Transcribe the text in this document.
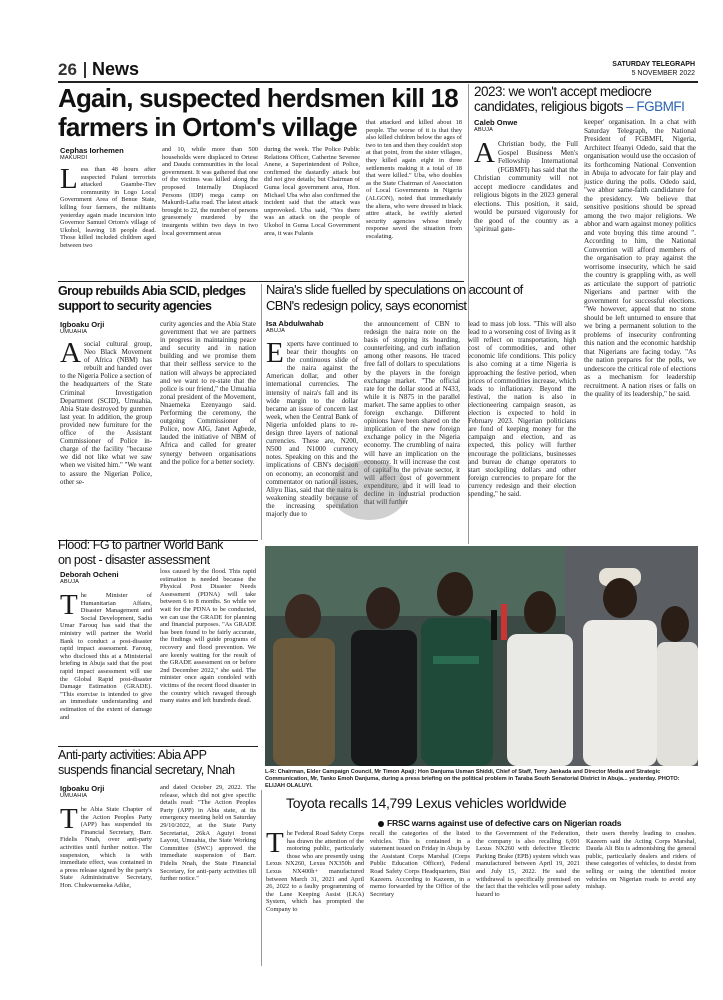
26 News	SATURDAY TELEGRAPH
5 NOVEMBER 2022
Again, suspected herdsmen kill 18
farmers in Ortom's village
Cephas Iorhemen
MAKURDI

Less than 48 hours after suspected Fulani terrorists attacked Guambe-Tiev community in Logo Local Government Area of Benue State, killing four farmers, the militants yesterday again made incursion into Governor Samuel Ortom's village of Ukohol, leaving 18 people dead. Those killed included children aged between two

and 10, while more than 500 households were displaced to Ortese and Daudu communities in the local government. It was gathered that one of the victims was killed along the proposed Internally Displaced Persons (IDP) mega camp on Makurdi-Lafia road. The latest attack brought to 22, the number of persons gruesomely murdered by the insurgents within two days in two local government areas

during the week. The Police Public Relations Officer, Catherine Sevenee Anene, a Superintendent of Police, confirmed the dastardly attack but did not give details; but Chairman of Guma local government area, Hon. Michael Uba who also confirmed the incident said that the attack was unprovoked. Uba said, "Yes there was an attack on the people of Ukohol in Guma Local Government area, it was Fulanis

that attacked and killed about 18 people. The worse of it is that they also killed children below the ages of two to ten and then they couldn't stop at that point, from the sister villages, they killed again eight in three settlements making it a total of 18 that were killed." Uba, who doubles as the State Chairman of Association of Local Governments in Nigeria (ALGON), noted that immediately the aliens, who were dressed in black attire attack, he swiftly alerted security agencies whose timely response saved the situation from escalating.

2023: we won't accept mediocre
candidates, religious bigots – FGBMFI
Caleb Onwe
ABUJA

A Christian body, the Full Gospel Business Men's Fellowship International (FGBMFI) has said that the Christian community will not accept mediocre candidates and religious bigots in the 2023 general elections. This position, it said, would be pursued vigorously for the good of the country as a 'spiritual gate-

keeper' organisation. In a chat with Saturday Telegraph, the National President of FGBMFI, Nigeria, Architect Ifeanyi Odedo, said that the organisation would use the occasion of its forthcoming National Convention in Abuja to advocate for fair play and justice during the polls. Odedo said, "we abhor same-faith candidature for the presidency. We believe that sensitive positions should be spread among the two major religions. We abhor and warn against money politics and vote buying this time around ". According to him, the National Convention will afford members of the organisation to pray against the worrisome insecurity, which he said the country is grappling with, as well as articulate the support of patriotic Nigerians and partner with the government for successful elections. "We however, appeal that no stone should be left unturned to ensure that we bring a permanent solution to the problems of insecurity confronting this nation and the economic hardship that Nigerians are facing today. "As the nation prepares for the polls, we underscore the critical role of elections as a mechanism for leadership recruitment. A nation rises or falls on the quality of its leadership," he said.

Group rebuilds Abia SCID, pledges
support to security agencies
Igboaku Orji
UMUAHIA

Asocial cultural group, Neo Black Movement of Africa (NBM) has rebuilt and handed over to the Nigeria Police a section of the headquarters of the State Criminal Investigation Department (SCID), Umuahia, Abia State destroyed by gunmen last year. In addition, the group provided new furniture for the office of the Assistant Commissioner of Police in-charge of the facility "because we did not like what we saw when we visited him." "We want to assure the Nigerian Police, other se-

curity agencies and the Abia State government that we are partners in progress in maintaining peace and security and in nation building and we promise them that their selfless service to the nation will always be appreciated and we want to re-state that the police is our friend," the Umuahia zonal president of the Movement, Nnaemeka Ezenyaugo said. Performing the ceremony, the outgoing Commissioner of Police, now AIG, Janet Agbede, lauded the initiative of NBM of Africa and called for greater synergy between organisations and the police for a better society.

Naira's slide fuelled by speculations on account of
CBN's redesign policy, says economist
Isa Abdulwahab
ABUJA

Experts have continued to bear their thoughts on the continuous slide of the naira against the American dollar, and other international currencies. The intensity of naira's fall and its wide margin to the dollar became an issue of concern last week, when the Central Bank of Nigeria unfolded plans to re-design three layers of national currencies. These are, N200, N500 and N1000 currency notes. Speaking on this and the implications of CBN's decision on economy, an economist and commentator on national issues, Aliyu Ilias, said that the naira is weakening steadily because of the increasing speculation majorly due to

the announcement of CBN to redesign the naira note on the basis of stopping its hoarding, counterfeiting, and curb inflation among other reasons. He traced free fall of dollars to speculations by the players in the foreign exchange market. "The official rate for the dollar stood at N433, while it is N875 in the parallel market. The same applies to other foreign exchange. Different opinions have been shared on the implication of the new foreign exchange policy in the Nigeria economy. The crumbling of naira will have an implication on the economy. It will increase the cost of capital to the private sector, it will affect cost of government expenditure, and it will lead to decline in industrial production that will further

lead to mass job loss. "This will also lead to a worsening cost of living as it will reflect on transportation, high cost of commodities, and other economic life conditions. This policy is also coming at a time Nigeria is approaching the festive period, when prices of commodities increase, which leads to inflationary. Beyond the festival, the nation is also in electioneering campaign season, as election is expected to hold in February 2023. Nigerian politicians are fond of keeping money for the campaign and election, and as expected, this policy will further encourage the politicians, businesses and bureau de change operators to start stockpiling dollars and other foreign currencies to prepare for the currency redesign and their election spending," he said.

Flood: FG to partner World Bank
on post - disaster assessment
Deborah Ocheni
ABUJA

The Minister of Humanitarian Affairs, Disaster Management and Social Development, Sadia Umar Farouq has said that the ministry will partner the World Bank to conduct a post-disaster rapid impact assessment. Farouq, who disclosed this at a Ministerial briefing in Abuja said that the post rapid impact assessment will use the Global Rapid post-disaster Damage Estimation (GRADE). "This exercise is intended to give an immediate understanding and estimation of the extent of damage and

loss caused by the flood. This rapid estimation is needed because the Physical Post Disaster Needs Assessment (PDNA) will take between 6 to 8 months. So while we wait for the PDNA to be conducted, we can use the GRADE for planning and financial purposes. "As GRADE has been found to be fairly accurate, the findings will guide programs of recovery and flood prevention. We are keenly waiting for the result of the GRADE assessment on or before 2nd December 2022," she said. The minister once again condoled with victims of the recent flood disaster in the country which ravaged through many states and left hundreds dead.

L-R: Chairman, Elder Campaign Council, Mr Timon Apaji; Hon Danjuma Usman Shiddi, Chief of Staff, Terry Jankada and Director Media and Strategic Communication, Mr, Tanko Emoh Danjuma, during a press briefing on the political problem in Taraba South Senatorial District in Abuja... yesterday. PHOTO: ELIJAH OLALUYI.
Anti-party activities: Abia APP
suspends financial secretary, Nnah
Igboaku Orji
UMUAHIA

The Abia State Chapter of the Action Peoples Party (APP) has suspended its Financial Secretary, Barr. Fidelis Nnah, over anti-party activities until further notice. The suspension, which is with immediate effect, was contained in a press release signed by the party's State Administrative Secretary, Hon. Chukwuemeka Adike,

and dated October 29, 2022. The release, which did not give specific details read: "The Action Peoples Party (APP) in Abia state, at its emergency meeting held on Saturday 29/10/2022, at the State Party Secretariat, 26kA Aguiyi Ironsi Layout, Umuahia, the State Working Committee (SWC) approved the immediate suspension of Barr. Fidelis Nnah, the State Financial Secretary, for anti-party activities till further notice."

Toyota recalls 14,799 Lexus vehicles worldwide
FRSC warns against use of defective cars on Nigerian roads

The Federal Road Safety Corps has drawn the attention of the motoring public, particularly those who are presently using Lexus NX260, Lexus NX350h and Lexus NX400h+ manufactured between March 31, 2021 and April 26, 2022 to a faulty programming of the Lane Keeping Assist (LKA) System, which has prompted the Company to

recall the categories of the listed vehicles. This is contained in a statement issued on Friday in Abuja by the Assistant Corps Marshal (Corps Public Education Officer), Federal Road Safety Corps Headquarters, Bisi Kazeem. According to Kazeem, in a memo forwarded by the Office of the Secretary

to the Government of the Federation, the company is also recalling 6,091 Lexus NX260 with defective Electric Parking Brake (EPB) system which was manufactured between April 19, 2021 and July 15, 2022. He said the withdrawal is specifically premised on the fact that the vehicles will pose safety hazard to

their users thereby leading to crashes. Kazeem said the Acting Corps Marshal, Dauda Ali Biu is admonishing the general public, particularly dealers and riders of these categories of vehicles, to desist from selling or using the identified motor vehicles on Nigerian roads to avoid any mishap.
